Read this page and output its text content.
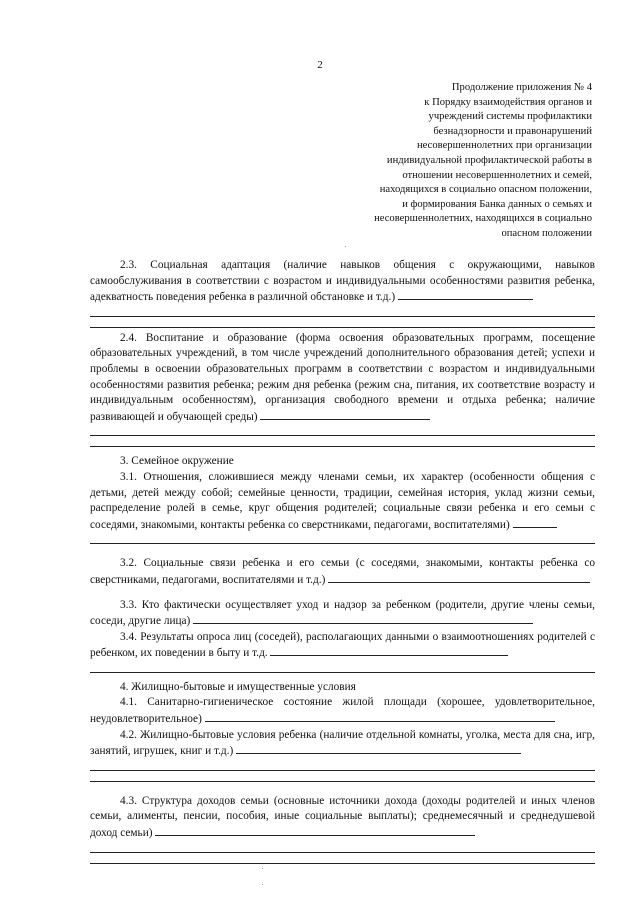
2
Продолжение приложения № 4
к Порядку взаимодействия органов и
учреждений системы профилактики
безнадзорности и правонарушений
несовершеннолетних при организации
индивидуальной профилактической работы в
отношении несовершеннолетних и семей,
находящихся в социально опасном положении,
и формирования Банка данных о семьях и
несовершеннолетних, находящихся в социально
опасном положении

2.3. Социальная адаптация (наличие навыков общения с окружающими, навыков самообслуживания в соответствии с возрастом и индивидуальными особенностями развития ребенка, адекватность поведения ребенка в различной обстановке и т.д.)

2.4. Воспитание и образование (форма освоения образовательных программ, посещение образовательных учреждений, в том числе учреждений дополнительного образования детей; успехи и проблемы в освоении образовательных программ в соответствии с возрастом и индивидуальными особенностями развития ребенка; режим дня ребенка (режим сна, питания, их соответствие возрасту и индивидуальным особенностям), организация свободного времени и отдыха ребенка; наличие развивающей и обучающей среды)

3. Семейное окружение

3.1. Отношения, сложившиеся между членами семьи, их характер (особенности общения с детьми, детей между собой; семейные ценности, традиции, семейная история, уклад жизни семьи, распределение ролей в семье, круг общения родителей; социальные связи ребенка и его семьи с соседями, знакомыми, контакты ребенка со сверстниками, педагогами, воспитателями)

3.2. Социальные связи ребенка и его семьи (с соседями, знакомыми, контакты ребенка со сверстниками, педагогами, воспитателями и т.д.)

3.3. Кто фактически осуществляет уход и надзор за ребенком (родители, другие члены семьи, соседи, другие лица)

3.4. Результаты опроса лиц (соседей), располагающих данными о взаимоотношениях родителей с ребенком, их поведении в быту и т.д.

4. Жилищно-бытовые и имущественные условия

4.1. Санитарно-гигиеническое состояние жилой площади (хорошее, удовлетворительное, неудовлетворительное)

4.2. Жилищно-бытовые условия ребенка (наличие отдельной комнаты, уголка, места для сна, игр, занятий, игрушек, книг и т.д.)

4.3. Структура доходов семьи (основные источники дохода (доходы родителей и иных членов семьи, алименты, пенсии, пособия, иные социальные выплаты); среднемесячный и среднедушевой доход семьи)
